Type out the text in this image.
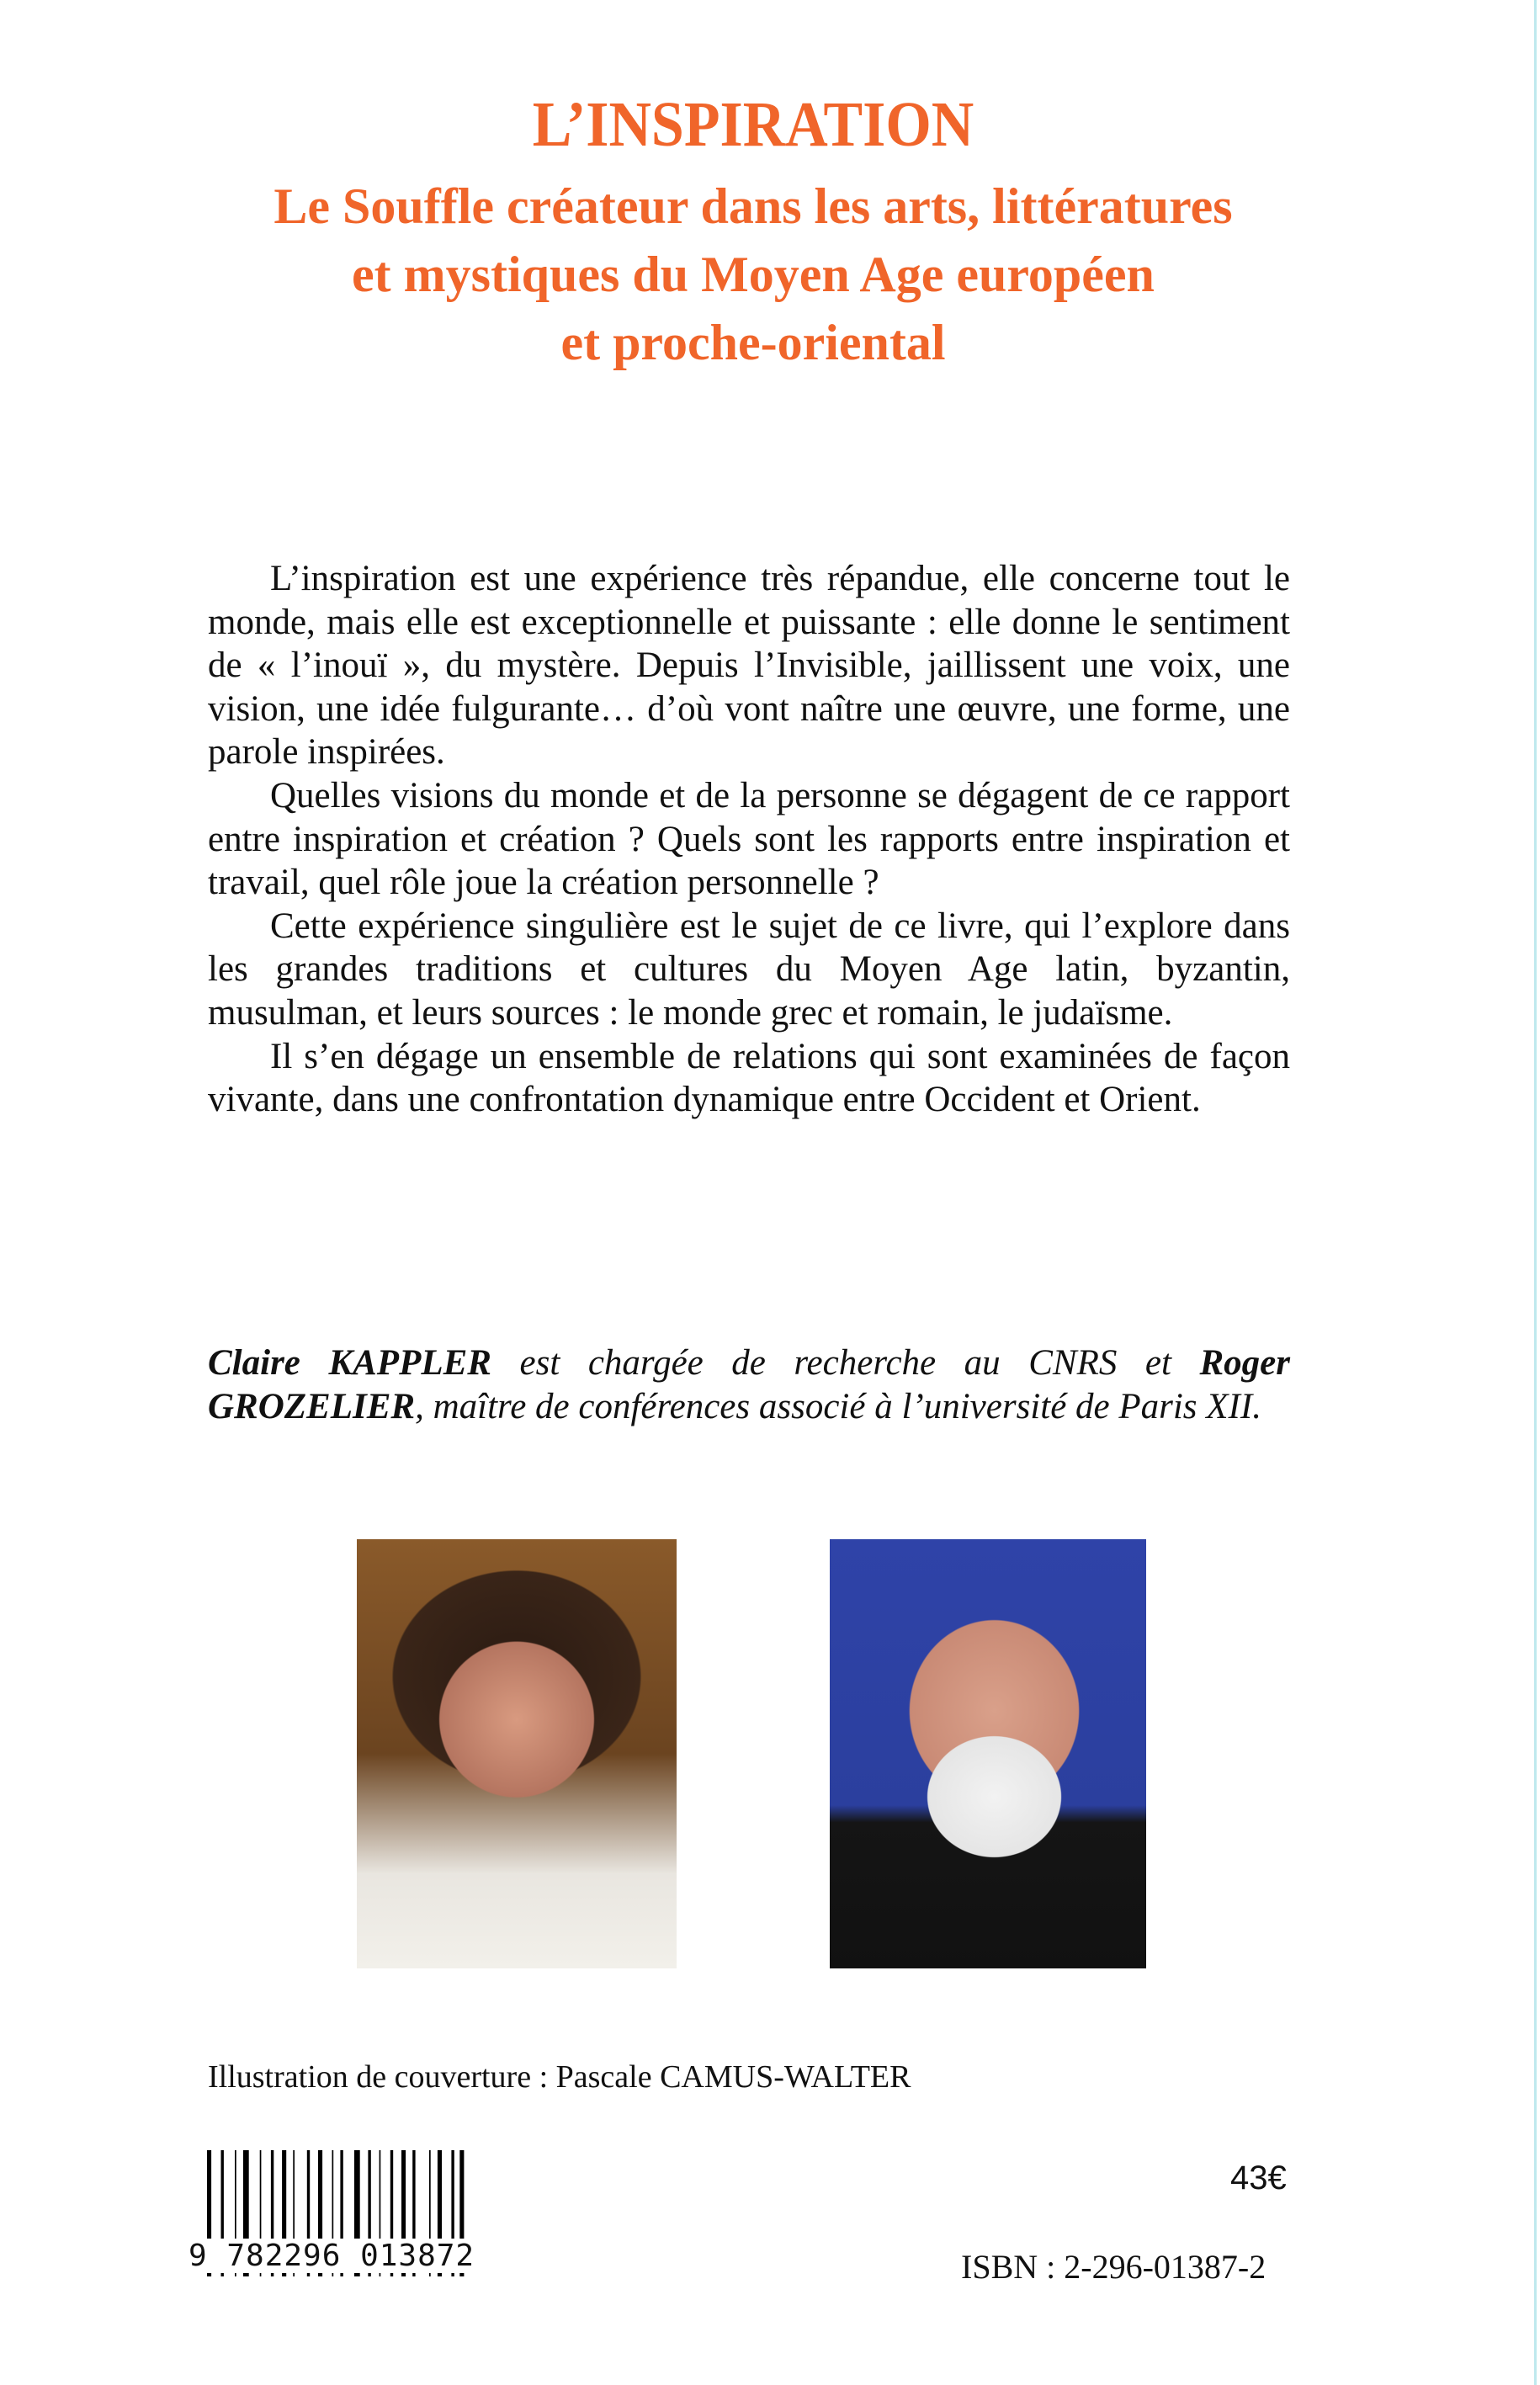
L’INSPIRATION
Le Souffle créateur dans les arts, littératures
et mystiques du Moyen Age européen
et proche-oriental

L’inspiration est une expérience très répandue, elle concerne tout le monde, mais elle est exceptionnelle et puissante : elle donne le sentiment de « l’inouï », du mystère. Depuis l’Invisible, jaillissent une voix, une vision, une idée fulgurante… d’où vont naître une œuvre, une forme, une parole inspirées.

Quelles visions du monde et de la personne se dégagent de ce rapport entre inspiration et création ? Quels sont les rapports entre inspiration et travail, quel rôle joue la création personnelle ?

Cette expérience singulière est le sujet de ce livre, qui l’explore dans les grandes traditions et cultures du Moyen Age latin, byzantin, musulman, et leurs sources : le monde grec et romain, le judaïsme.

Il s’en dégage un ensemble de relations qui sont examinées de façon vivante, dans une confrontation dynamique entre Occident et Orient.

Claire KAPPLER est chargée de recherche au CNRS et Roger GROZELIER, maître de conférences associé à l’université de Paris XII.
Illustration de couverture : Pascale CAMUS-WALTER
9 782296 013872
43€
ISBN : 2-296-01387-2
